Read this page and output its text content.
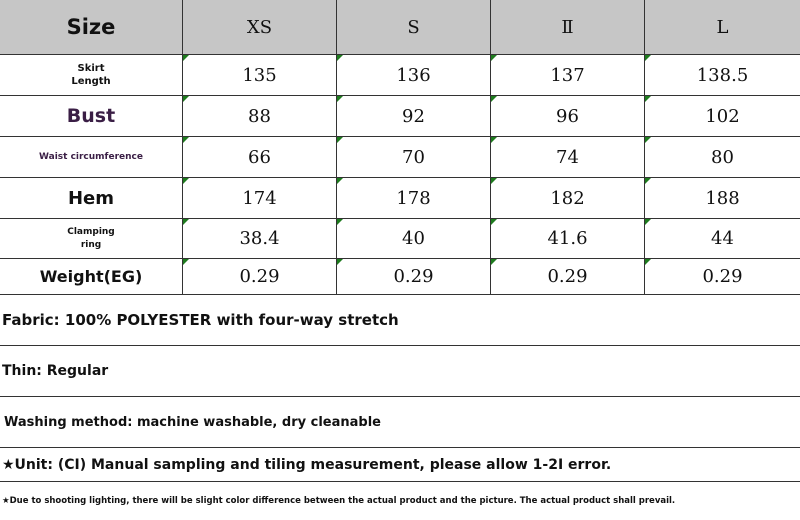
Size	XS	S	Ⅱ	L
Skirt
Length	135	136	137	138.5
Bust	88	92	96	102
Waist circumference	66	70	74	80
Hem	174	178	182	188
Clamping
ring	38.4	40	41.6	44
Weight(EG)	0.29	0.29	0.29	0.29
Fabric: 100% POLYESTER with four-way stretch
Thin: Regular
Washing method: machine washable, dry cleanable
★Unit: (CI) Manual sampling and tiling measurement, please allow 1-2I error.
★Due to shooting lighting, there will be slight color difference between the actual product and the picture. The actual product shall prevail.
